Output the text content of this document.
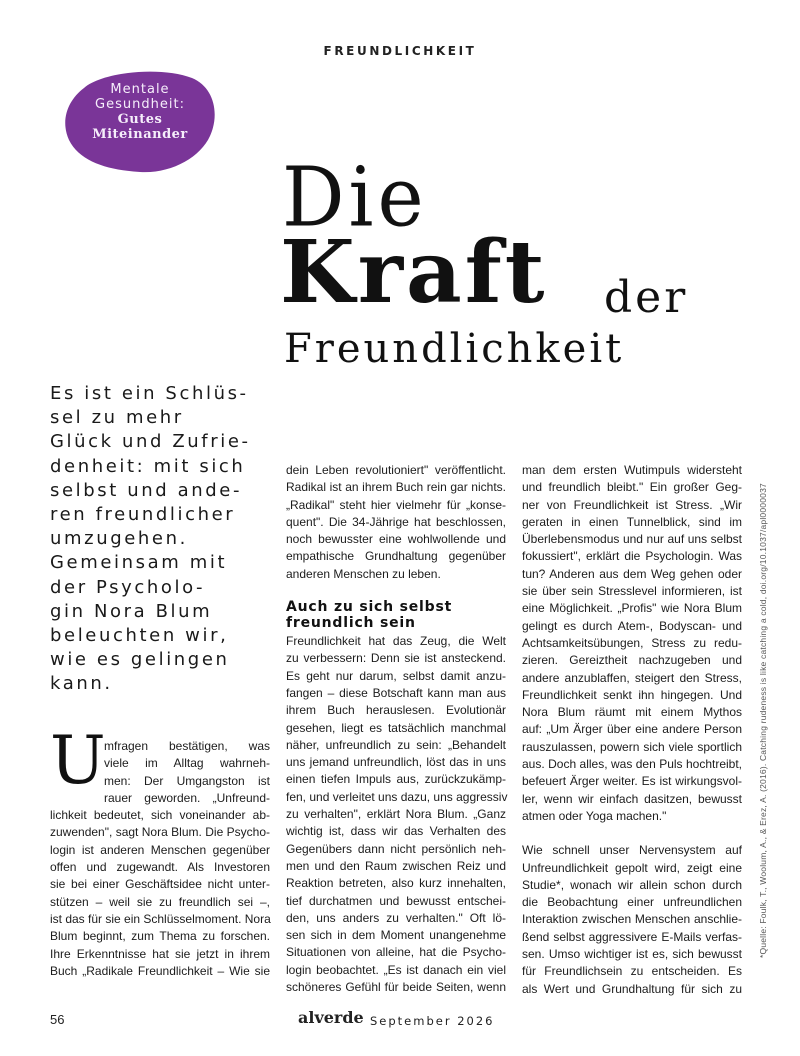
FREUNDLICHKEIT
Mentale
Gesundheit:
Gutes
Miteinander
Die
Kraft der
Freundlichkeit
Es ist ein Schlüs-
sel zu mehr
Glück und Zufrie-
denheit: mit sich
selbst und ande-
ren freundlicher
umzugehen.
Gemeinsam mit
der Psycholo-
gin Nora Blum
beleuchten wir,
wie es gelingen
kann.
U
mfragen bestätigen, was
viele im Alltag wahrneh-
men: Der Umgangston ist
rauer geworden. „Unfreund-
lichkeit bedeutet, sich voneinander ab-
zuwenden", sagt Nora Blum. Die Psycho-
login ist anderen Menschen gegenüber
offen und zugewandt. Als Investoren
sie bei einer Geschäftsidee nicht unter-
stützen – weil sie zu freundlich sei –,
ist das für sie ein Schlüsselmoment. Nora
Blum beginnt, zum Thema zu forschen.
Ihre Erkenntnisse hat sie jetzt in ihrem
Buch „Radikale Freundlichkeit – Wie sie
dein Leben revolutioniert" veröffentlicht.
Radikal ist an ihrem Buch rein gar nichts.
„Radikal" steht hier vielmehr für „konse-
quent". Die 34-Jährige hat beschlossen,
noch bewusster eine wohlwollende und
empathische Grundhaltung gegenüber
anderen Menschen zu leben.
Auch zu sich selbst
freundlich sein
Freundlichkeit hat das Zeug, die Welt
zu verbessern: Denn sie ist ansteckend.
Es geht nur darum, selbst damit anzu-
fangen – diese Botschaft kann man aus
ihrem Buch herauslesen. Evolutionär
gesehen, liegt es tatsächlich manchmal
näher, unfreundlich zu sein: „Behandelt
uns jemand unfreundlich, löst das in uns
einen tiefen Impuls aus, zurückzukämp-
fen, und verleitet uns dazu, uns aggressiv
zu verhalten", erklärt Nora Blum. „Ganz
wichtig ist, dass wir das Verhalten des
Gegenübers dann nicht persönlich neh-
men und den Raum zwischen Reiz und
Reaktion betreten, also kurz innehalten,
tief durchatmen und bewusst entschei-
den, uns anders zu verhalten." Oft lö-
sen sich in dem Moment unangenehme
Situationen von alleine, hat die Psycho-
login beobachtet. „Es ist danach ein viel
schöneres Gefühl für beide Seiten, wenn
man dem ersten Wutimpuls widersteht
und freundlich bleibt." Ein großer Geg-
ner von Freundlichkeit ist Stress. „Wir
geraten in einen Tunnelblick, sind im
Überlebensmodus und nur auf uns selbst
fokussiert", erklärt die Psychologin. Was
tun? Anderen aus dem Weg gehen oder
sie über sein Stresslevel informieren, ist
eine Möglichkeit. „Profis" wie Nora Blum
gelingt es durch Atem-, Bodyscan- und
Achtsamkeitsübungen, Stress zu redu-
zieren. Gereiztheit nachzugeben und
andere anzublaffen, steigert den Stress,
Freundlichkeit senkt ihn hingegen. Und
Nora Blum räumt mit einem Mythos
auf: „Um Ärger über eine andere Person
rauszulassen, powern sich viele sportlich
aus. Doch alles, was den Puls hochtreibt,
befeuert Ärger weiter. Es ist wirkungsvol-
ler, wenn wir einfach dasitzen, bewusst
atmen oder Yoga machen."
Wie schnell unser Nervensystem auf
Unfreundlichkeit gepolt wird, zeigt eine
Studie*, wonach wir allein schon durch
die Beobachtung einer unfreundlichen
Interaktion zwischen Menschen anschlie-
ßend selbst aggressivere E-Mails verfas-
sen. Umso wichtiger ist es, sich bewusst
für Freundlichsein zu entscheiden. Es
als Wert und Grundhaltung für sich zu
*Quelle: Foulk, T., Woolum, A., & Erez, A. (2016). Catching rudeness is like catching a cold, doi.org/10.1037/apl0000037
56	alverde September 2026
